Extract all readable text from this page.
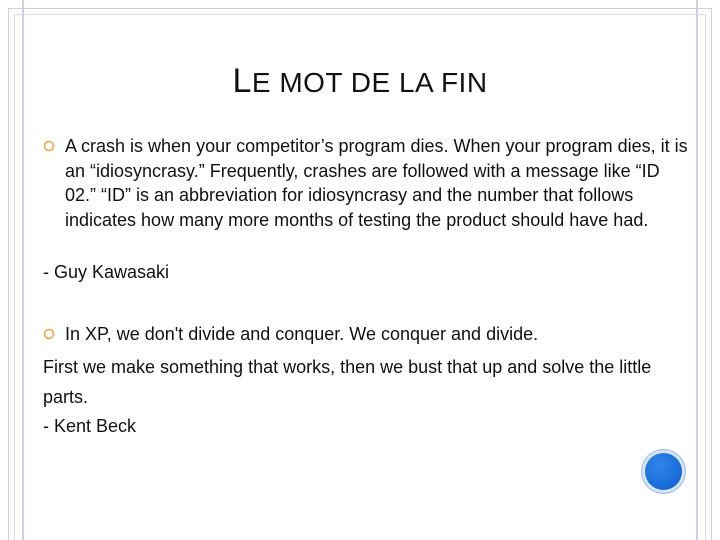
LE MOT DE LA FIN
A crash is when your competitor’s program dies. When your program dies, it is an “idiosyncrasy.” Frequently, crashes are followed with a message like “ID 02.” “ID” is an abbreviation for idiosyncrasy and the number that follows indicates how many more months of testing the product should have had.
- Guy Kawasaki
In XP, we don't divide and conquer. We conquer and divide.
First we make something that works, then we bust that up and solve the little parts.
- Kent Beck
